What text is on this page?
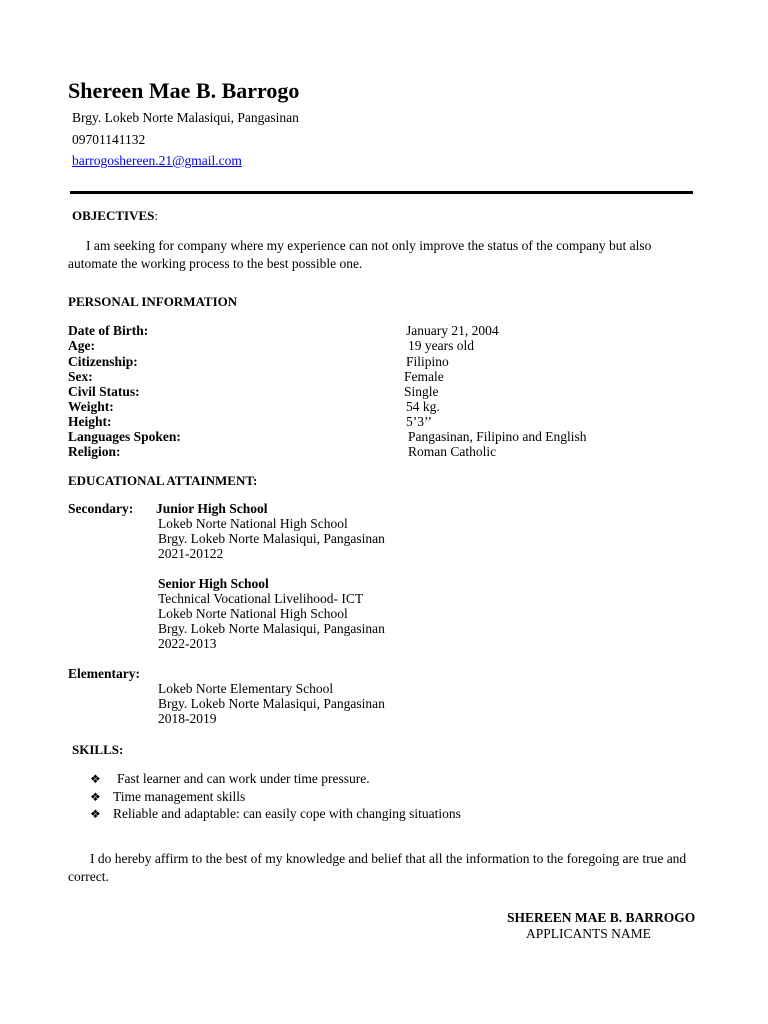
Shereen Mae B. Barrogo
Brgy. Lokeb Norte Malasiqui, Pangasinan
09701141132
barrogoshereen.21@gmail.com
OBJECTIVES:
I am seeking for company where my experience can not only improve the status of the company but also automate the working process to the best possible one.
PERSONAL INFORMATION
Date of Birth:	January 21, 2004
Age:	19 years old
Citizenship:	Filipino
Sex:	Female
Civil Status:	Single
Weight:	54 kg.
Height:	5’3’’
Languages Spoken:	Pangasinan, Filipino and English
Religion:	Roman Catholic
EDUCATIONAL ATTAINMENT:
Secondary: Junior High School
Lokeb Norte National High School
Brgy. Lokeb Norte Malasiqui, Pangasinan
2021-20122
Senior High School
Technical Vocational Livelihood- ICT
Lokeb Norte National High School
Brgy. Lokeb Norte Malasiqui, Pangasinan
2022-2013
Elementary:
Lokeb Norte Elementary School
Brgy. Lokeb Norte Malasiqui, Pangasinan
2018-2019
SKILLS:
❖ Fast learner and can work under time pressure.
❖ Time management skills
❖ Reliable and adaptable: can easily cope with changing situations
I do hereby affirm to the best of my knowledge and belief that all the information to the foregoing are true and correct.
SHEREEN MAE B. BARROGO
APPLICANTS NAME
